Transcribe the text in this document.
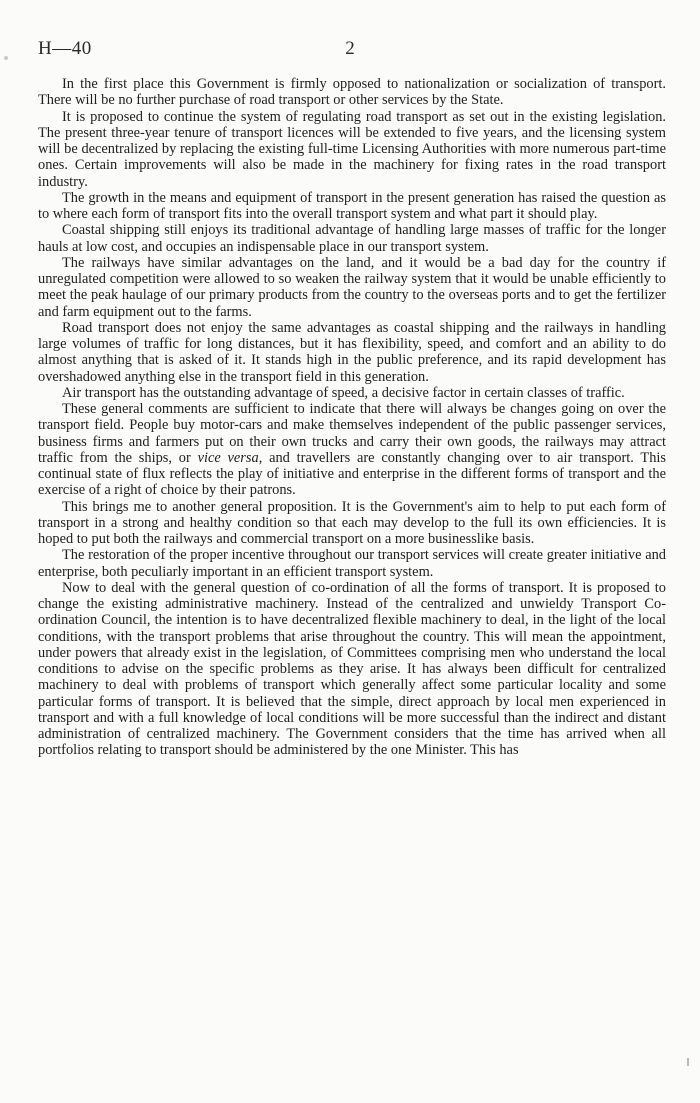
H—40	2

In the first place this Government is firmly opposed to nationalization or socialization of transport. There will be no further purchase of road transport or other services by the State.

It is proposed to continue the system of regulating road transport as set out in the existing legislation. The present three-year tenure of transport licences will be extended to five years, and the licensing system will be decentralized by replacing the existing full-time Licensing Authorities with more numerous part-time ones. Certain improvements will also be made in the machinery for fixing rates in the road transport industry.

The growth in the means and equipment of transport in the present generation has raised the question as to where each form of transport fits into the overall transport system and what part it should play.

Coastal shipping still enjoys its traditional advantage of handling large masses of traffic for the longer hauls at low cost, and occupies an indispensable place in our transport system.

The railways have similar advantages on the land, and it would be a bad day for the country if unregulated competition were allowed to so weaken the railway system that it would be unable efficiently to meet the peak haulage of our primary products from the country to the overseas ports and to get the fertilizer and farm equipment out to the farms.

Road transport does not enjoy the same advantages as coastal shipping and the railways in handling large volumes of traffic for long distances, but it has flexibility, speed, and comfort and an ability to do almost anything that is asked of it. It stands high in the public preference, and its rapid development has overshadowed anything else in the transport field in this generation.

Air transport has the outstanding advantage of speed, a decisive factor in certain classes of traffic.

These general comments are sufficient to indicate that there will always be changes going on over the transport field. People buy motor-cars and make themselves independent of the public passenger services, business firms and farmers put on their own trucks and carry their own goods, the railways may attract traffic from the ships, or vice versa, and travellers are constantly changing over to air transport. This continual state of flux reflects the play of initiative and enterprise in the different forms of transport and the exercise of a right of choice by their patrons.

This brings me to another general proposition. It is the Government's aim to help to put each form of transport in a strong and healthy condition so that each may develop to the full its own efficiencies. It is hoped to put both the railways and commercial transport on a more businesslike basis.

The restoration of the proper incentive throughout our transport services will create greater initiative and enterprise, both peculiarly important in an efficient transport system.

Now to deal with the general question of co-ordination of all the forms of transport. It is proposed to change the existing administrative machinery. Instead of the centralized and unwieldy Transport Co-ordination Council, the intention is to have decentralized flexible machinery to deal, in the light of the local conditions, with the transport problems that arise throughout the country. This will mean the appointment, under powers that already exist in the legislation, of Committees comprising men who understand the local conditions to advise on the specific problems as they arise. It has always been difficult for centralized machinery to deal with problems of transport which generally affect some particular locality and some particular forms of transport. It is believed that the simple, direct approach by local men experienced in transport and with a full knowledge of local conditions will be more successful than the indirect and distant administration of centralized machinery. The Government considers that the time has arrived when all portfolios relating to transport should be administered by the one Minister. This has
